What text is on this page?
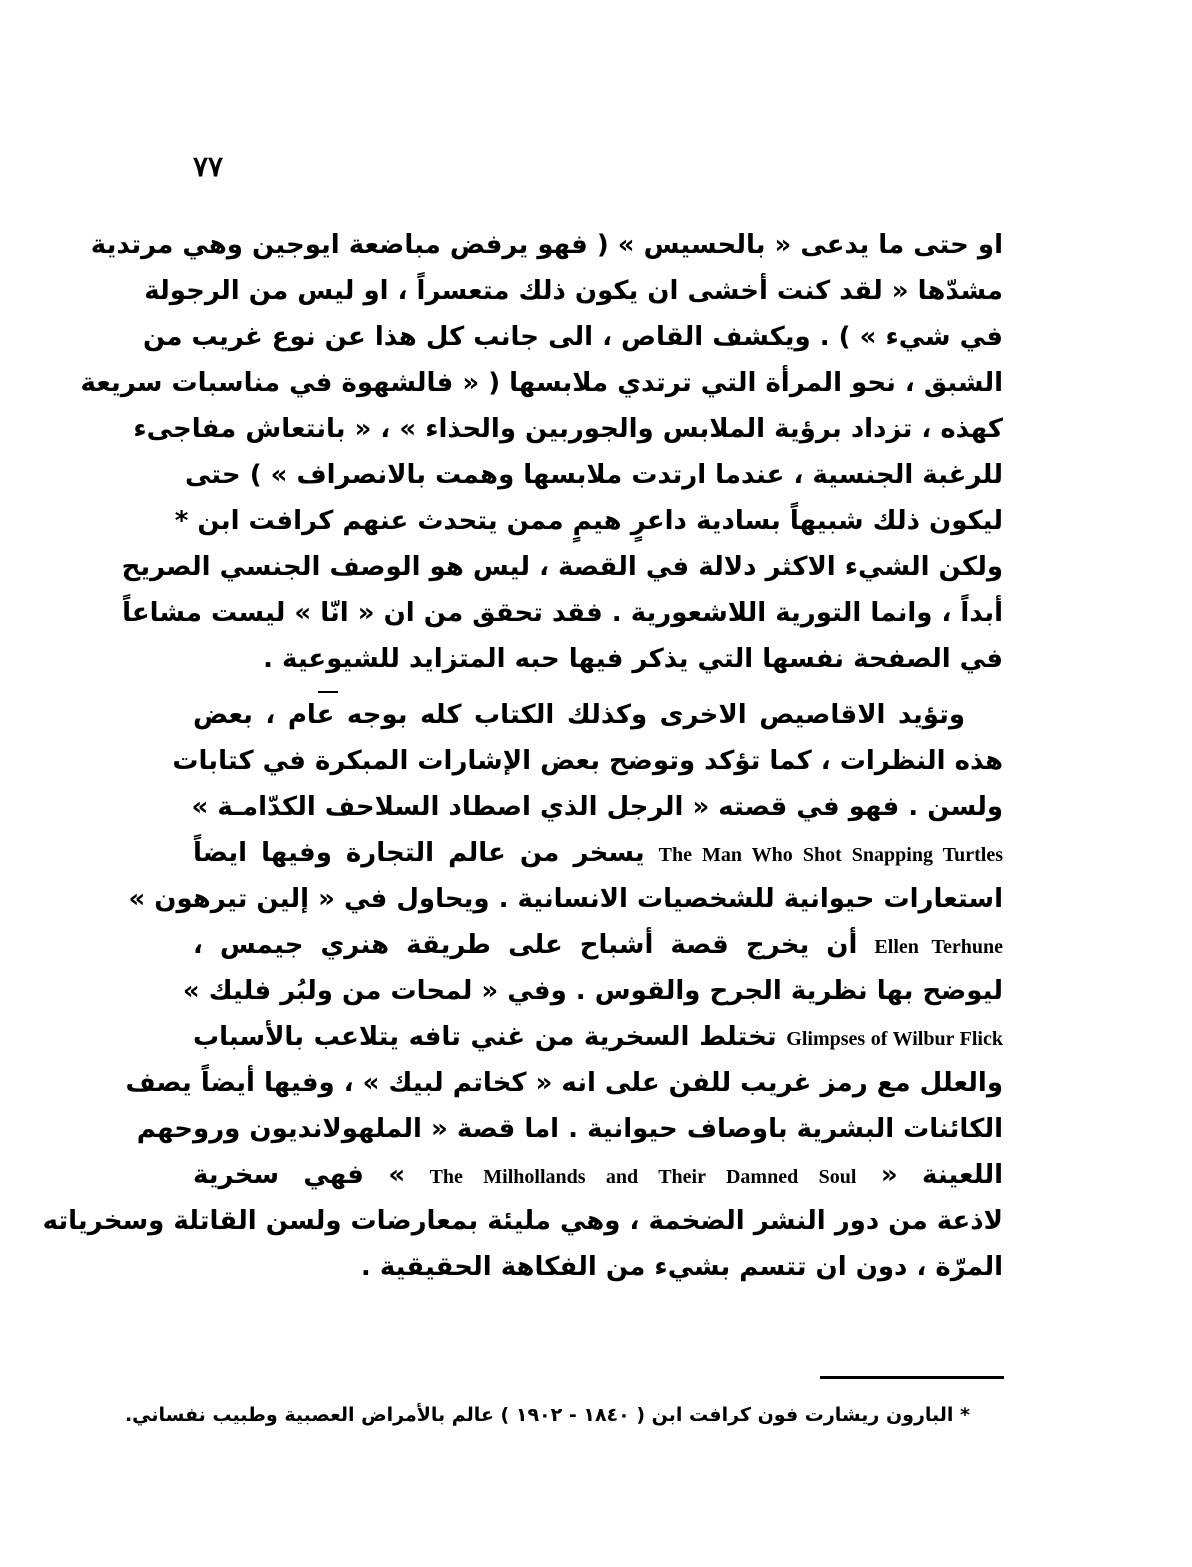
٧٧
او حتى ما يدعى « بالحسيس » ( فهو يرفض مباضعة ايوجين وهي مرتدية
مشدّها « لقد كنت أخشى ان يكون ذلك متعسراً ، او ليس من الرجولة
في شيء » ) . ويكشف القاص ، الى جانب كل هذا عن نوع غريب من
الشبق ، نحو المرأة التي ترتدي ملابسها ( « فالشهوة في مناسبات سريعة
كهذه ، تزداد برؤية الملابس والجوربين والحذاء » ، « بانتعاش مفاجىء
للرغبة الجنسية ، عندما ارتدت ملابسها وهمت بالانصراف » ) حتى
ليكون ذلك شبيهاً بسادية داعرٍ هيمٍ ممن يتحدث عنهم كرافت ابن *
ولكن الشيء الاكثر دلالة في القصة ، ليس هو الوصف الجنسي الصريح
أبداً ، وانما التورية اللاشعورية . فقد تحقق من ان « انّا » ليست مشاعاً
في الصفحة نفسها التي يذكر فيها حبه المتزايد للشيوعية .
وتؤيد الاقاصيص الاخرى وكذلك الكتاب كله بوجه عام ، بعض
هذه النظرات ، كما تؤكد وتوضح بعض الإشارات المبكرة في كتابات
ولسن . فهو في قصته « الرجل الذي اصطاد السلاحف الكدّامـة »
The Man Who Shot Snapping Turtles يسخر من عالم التجارة وفيها ايضاً
استعارات حيوانية للشخصيات الانسانية . ويحاول في « إلين تيرهون »
Ellen Terhune أن يخرج قصة أشباح على طريقة هنري جيمس ،
ليوضح بها نظرية الجرح والقوس . وفي « لمحات من ولبُر فليك »
Glimpses of Wilbur Flick تختلط السخرية من غني تافه يتلاعب بالأسباب
والعلل مع رمز غريب للفن على انه « كخاتم لبيك » ، وفيها أيضاً يصف
الكائنات البشرية باوصاف حيوانية . اما قصة « الملهولانديون وروحهم
اللعينة « The Milhollands and Their Damned Soul » فهي سخرية
لاذعة من دور النشر الضخمة ، وهي مليئة بمعارضات ولسن القاتلة وسخرياته
المرّة ، دون ان تتسم بشيء من الفكاهة الحقيقية .
* البارون ريشارت فون كرافت ابن ( ١٨٤٠ - ١٩٠٢ ) عالم بالأمراض العصبية وطبيب نفساني.
